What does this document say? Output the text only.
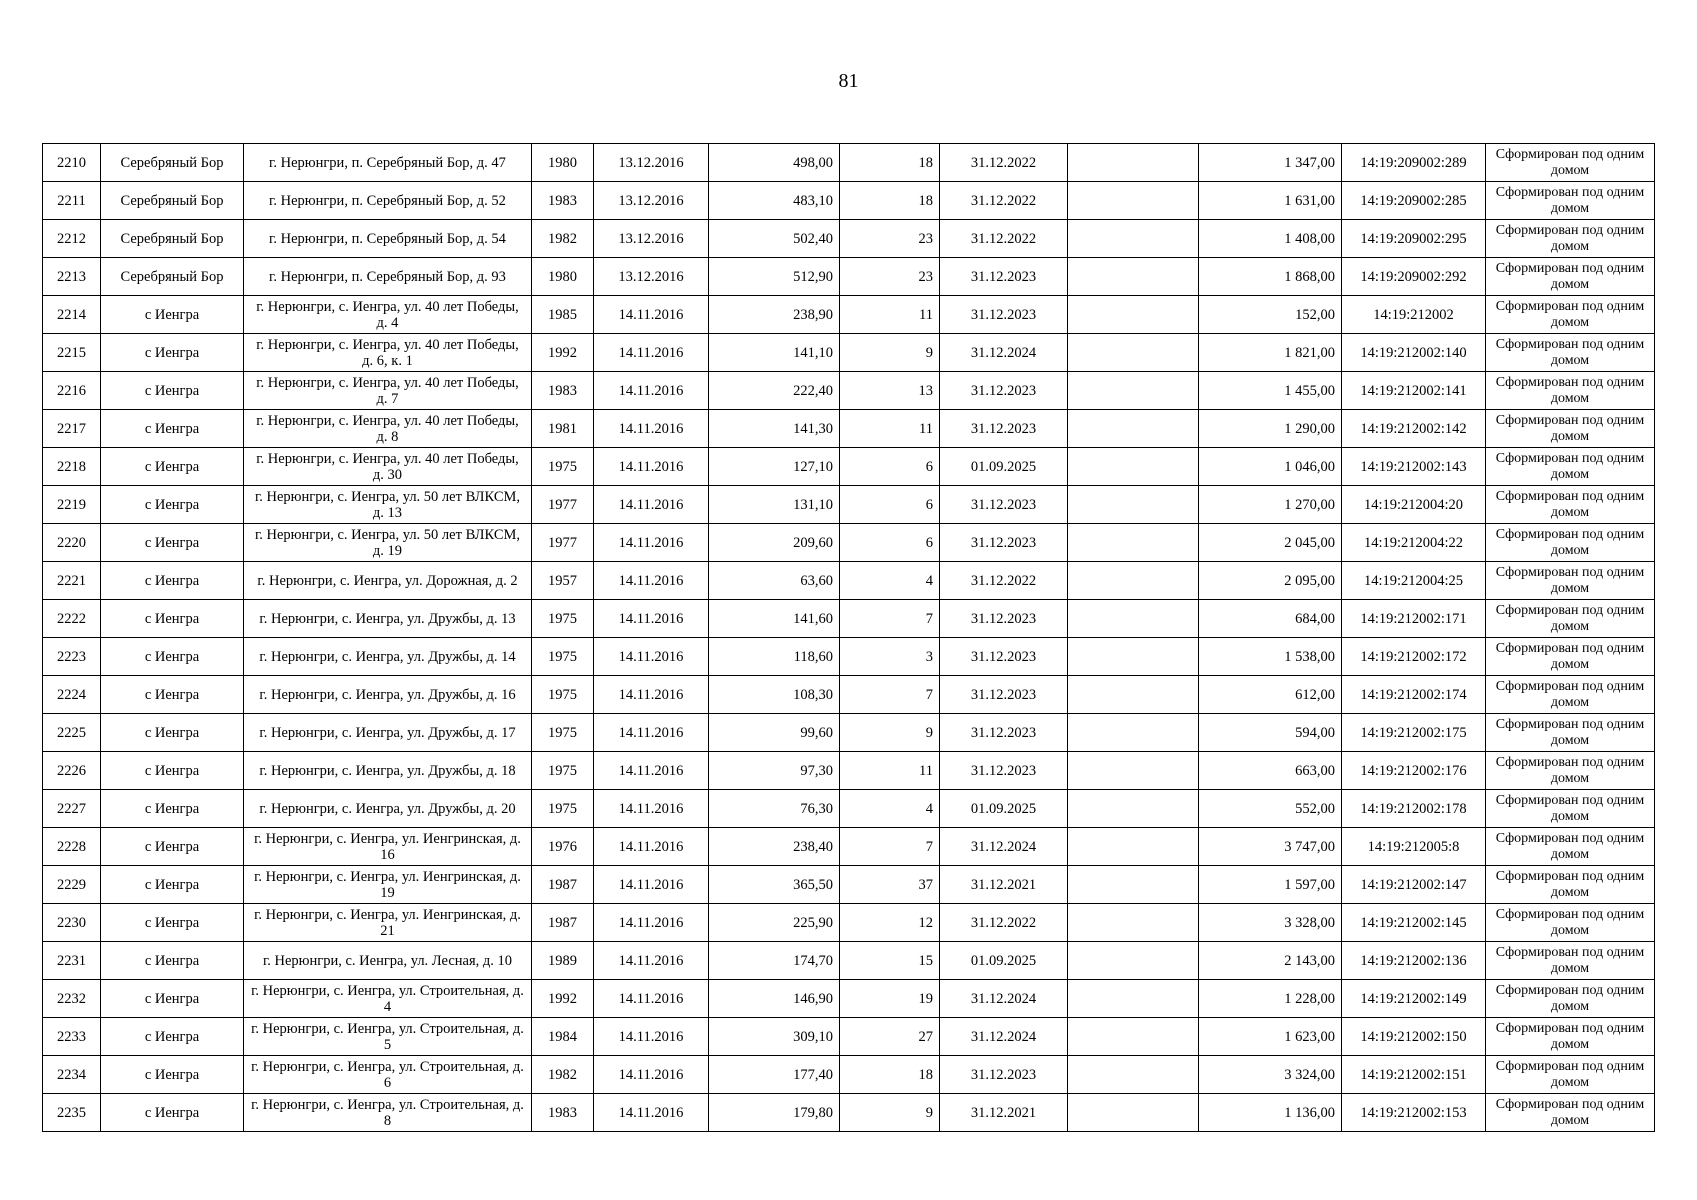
81
2210	Серебряный Бор	г. Нерюнгри, п. Серебряный Бор, д. 47	1980	13.12.2016	498,00	18	31.12.2022		1 347,00	14:19:209002:289	Сформирован под одним домом
2211	Серебряный Бор	г. Нерюнгри, п. Серебряный Бор, д. 52	1983	13.12.2016	483,10	18	31.12.2022		1 631,00	14:19:209002:285	Сформирован под одним домом
2212	Серебряный Бор	г. Нерюнгри, п. Серебряный Бор, д. 54	1982	13.12.2016	502,40	23	31.12.2022		1 408,00	14:19:209002:295	Сформирован под одним домом
2213	Серебряный Бор	г. Нерюнгри, п. Серебряный Бор, д. 93	1980	13.12.2016	512,90	23	31.12.2023		1 868,00	14:19:209002:292	Сформирован под одним домом
2214	с Иенгра	г. Нерюнгри, с. Иенгра, ул. 40 лет Победы, д. 4	1985	14.11.2016	238,90	11	31.12.2023		152,00	14:19:212002	Сформирован под одним домом
2215	с Иенгра	г. Нерюнгри, с. Иенгра, ул. 40 лет Победы, д. 6, к. 1	1992	14.11.2016	141,10	9	31.12.2024		1 821,00	14:19:212002:140	Сформирован под одним домом
2216	с Иенгра	г. Нерюнгри, с. Иенгра, ул. 40 лет Победы, д. 7	1983	14.11.2016	222,40	13	31.12.2023		1 455,00	14:19:212002:141	Сформирован под одним домом
2217	с Иенгра	г. Нерюнгри, с. Иенгра, ул. 40 лет Победы, д. 8	1981	14.11.2016	141,30	11	31.12.2023		1 290,00	14:19:212002:142	Сформирован под одним домом
2218	с Иенгра	г. Нерюнгри, с. Иенгра, ул. 40 лет Победы, д. 30	1975	14.11.2016	127,10	6	01.09.2025		1 046,00	14:19:212002:143	Сформирован под одним домом
2219	с Иенгра	г. Нерюнгри, с. Иенгра, ул. 50 лет ВЛКСМ, д. 13	1977	14.11.2016	131,10	6	31.12.2023		1 270,00	14:19:212004:20	Сформирован под одним домом
2220	с Иенгра	г. Нерюнгри, с. Иенгра, ул. 50 лет ВЛКСМ, д. 19	1977	14.11.2016	209,60	6	31.12.2023		2 045,00	14:19:212004:22	Сформирован под одним домом
2221	с Иенгра	г. Нерюнгри, с. Иенгра, ул. Дорожная, д. 2	1957	14.11.2016	63,60	4	31.12.2022		2 095,00	14:19:212004:25	Сформирован под одним домом
2222	с Иенгра	г. Нерюнгри, с. Иенгра, ул. Дружбы, д. 13	1975	14.11.2016	141,60	7	31.12.2023		684,00	14:19:212002:171	Сформирован под одним домом
2223	с Иенгра	г. Нерюнгри, с. Иенгра, ул. Дружбы, д. 14	1975	14.11.2016	118,60	3	31.12.2023		1 538,00	14:19:212002:172	Сформирован под одним домом
2224	с Иенгра	г. Нерюнгри, с. Иенгра, ул. Дружбы, д. 16	1975	14.11.2016	108,30	7	31.12.2023		612,00	14:19:212002:174	Сформирован под одним домом
2225	с Иенгра	г. Нерюнгри, с. Иенгра, ул. Дружбы, д. 17	1975	14.11.2016	99,60	9	31.12.2023		594,00	14:19:212002:175	Сформирован под одним домом
2226	с Иенгра	г. Нерюнгри, с. Иенгра, ул. Дружбы, д. 18	1975	14.11.2016	97,30	11	31.12.2023		663,00	14:19:212002:176	Сформирован под одним домом
2227	с Иенгра	г. Нерюнгри, с. Иенгра, ул. Дружбы, д. 20	1975	14.11.2016	76,30	4	01.09.2025		552,00	14:19:212002:178	Сформирован под одним домом
2228	с Иенгра	г. Нерюнгри, с. Иенгра, ул. Иенгринская, д. 16	1976	14.11.2016	238,40	7	31.12.2024		3 747,00	14:19:212005:8	Сформирован под одним домом
2229	с Иенгра	г. Нерюнгри, с. Иенгра, ул. Иенгринская, д. 19	1987	14.11.2016	365,50	37	31.12.2021		1 597,00	14:19:212002:147	Сформирован под одним домом
2230	с Иенгра	г. Нерюнгри, с. Иенгра, ул. Иенгринская, д. 21	1987	14.11.2016	225,90	12	31.12.2022		3 328,00	14:19:212002:145	Сформирован под одним домом
2231	с Иенгра	г. Нерюнгри, с. Иенгра, ул. Лесная, д. 10	1989	14.11.2016	174,70	15	01.09.2025		2 143,00	14:19:212002:136	Сформирован под одним домом
2232	с Иенгра	г. Нерюнгри, с. Иенгра, ул. Строительная, д. 4	1992	14.11.2016	146,90	19	31.12.2024		1 228,00	14:19:212002:149	Сформирован под одним домом
2233	с Иенгра	г. Нерюнгри, с. Иенгра, ул. Строительная, д. 5	1984	14.11.2016	309,10	27	31.12.2024		1 623,00	14:19:212002:150	Сформирован под одним домом
2234	с Иенгра	г. Нерюнгри, с. Иенгра, ул. Строительная, д. 6	1982	14.11.2016	177,40	18	31.12.2023		3 324,00	14:19:212002:151	Сформирован под одним домом
2235	с Иенгра	г. Нерюнгри, с. Иенгра, ул. Строительная, д. 8	1983	14.11.2016	179,80	9	31.12.2021		1 136,00	14:19:212002:153	Сформирован под одним домом
